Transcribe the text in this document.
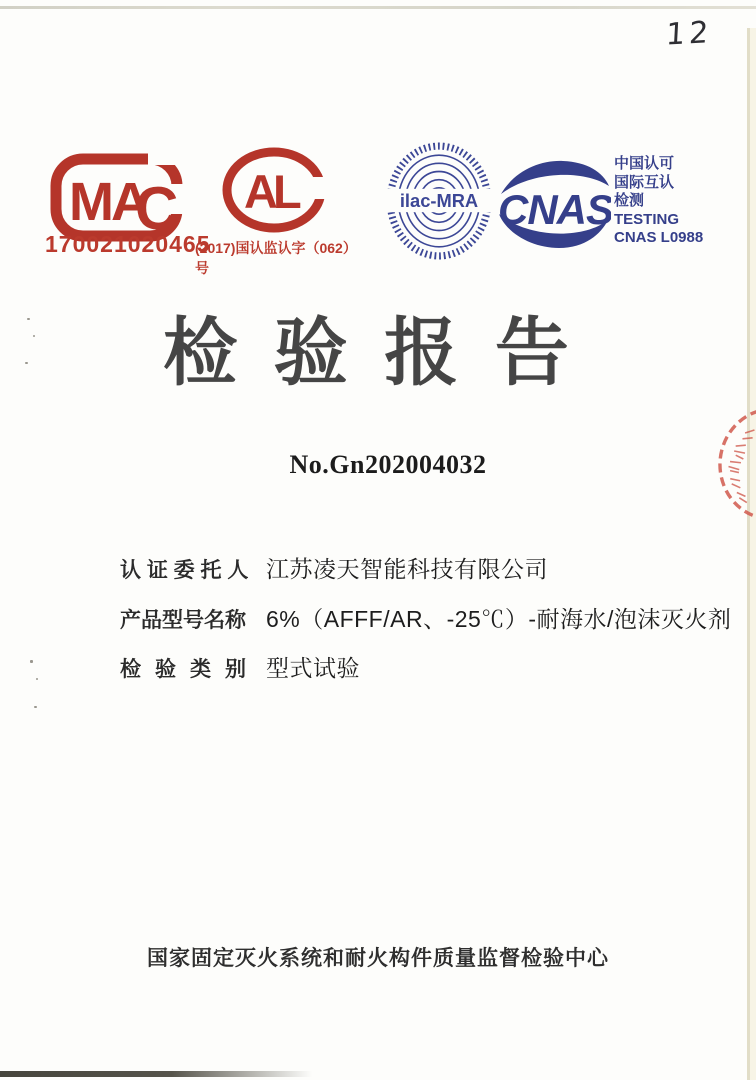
12
MA
C
170021020465
AL
(2017)国认监认字（062）号
ilac-MRA CNAS
中国认可
国际互认
检测
TESTING
CNAS L0988
检 验 报 告
No.Gn202004032
认 证 委 托 人 江苏凌天智能科技有限公司
产品型号名称 6%（AFFF/AR、-25℃）-耐海水/泡沫灭火剂
检 验 类 别 型式试验
国家固定灭火系统和耐火构件质量监督检验中心
